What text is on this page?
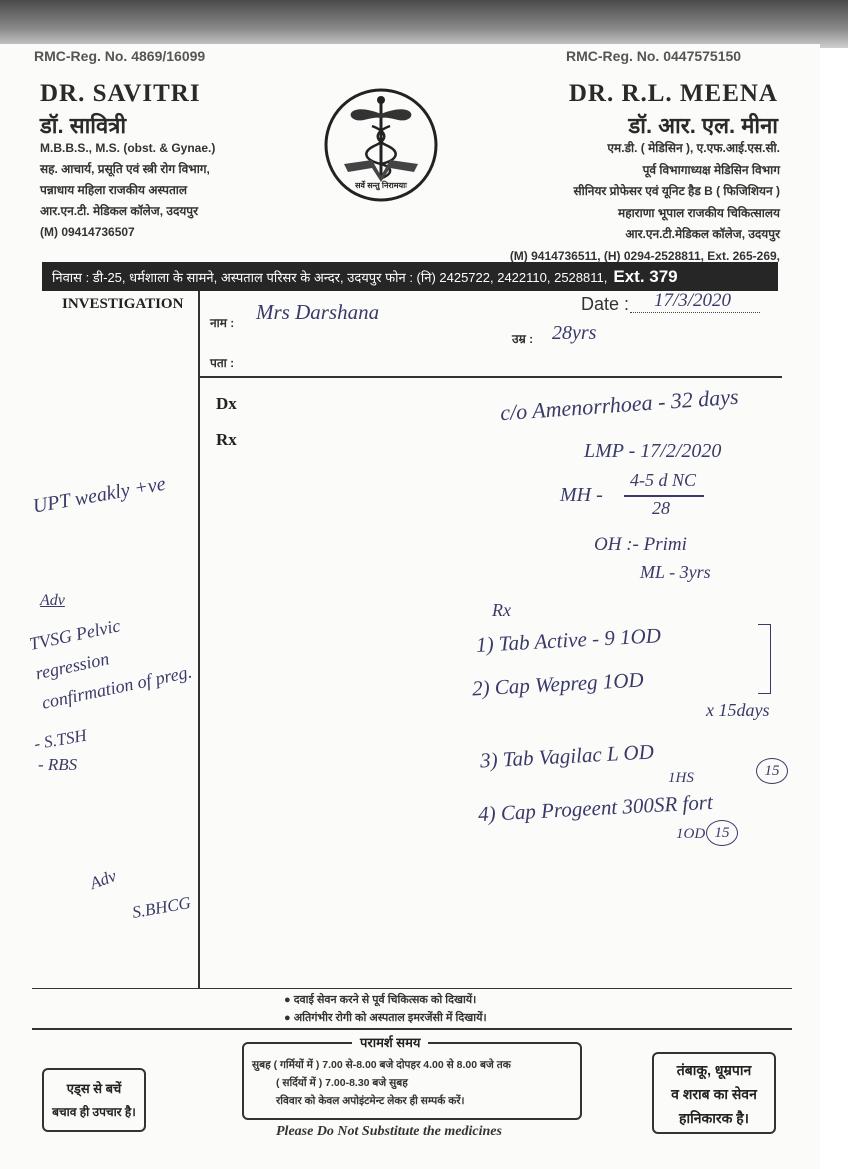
RMC-Reg. No. 4869/16099
DR. SAVITRI
डॉ. सावित्री
M.B.B.S., M.S. (obst. & Gynae.)
सह. आचार्य, प्रसूति एवं स्त्री रोग विभाग,
पन्नाधाय महिला राजकीय अस्पताल
आर.एन.टी. मेडिकल कॉलेज, उदयपुर
(M) 09414736507
सर्वे सन्तु निरामयाः
RMC-Reg. No. 0447575150
DR. R.L. MEENA
डॉ. आर. एल. मीना
एम.डी. ( मेडिसिन ), ए.एफ.आई.एस.सी.
पूर्व विभागाध्यक्ष मेडिसिन विभाग
सीनियर प्रोफेसर एवं यूनिट हैड B ( फिजिशियन )
महाराणा भूपाल राजकीय चिकित्सालय
आर.एन.टी.मेडिकल कॉलेज, उदयपुर
(M) 9414736511, (H) 0294-2528811, Ext. 265-269,
निवास : डी-25, धर्मशाला के सामने, अस्पताल परिसर के अन्दर, उदयपुर फोन : (नि) 2425722, 2422110, 2528811, Ext. 379
INVESTIGATION
नाम : Mrs Darshana	Date : 17/3/2020
उम्र : 28yrs
पता :
Dx
Rx
UPT weakly +ve
Adv
TVSG Pelvic regression confirmation of preg.
- S.TSH
- RBS
Adv
S.BHCG
c/o Amenorrhoea - 32 days
LMP - 17/2/2020
MH -
4-5 d NC
28
OH :- Primi
ML - 3yrs
Rx
1) Tab Active - 9 1OD
2) Cap Wepreg 1OD
x 15days
3) Tab Vagilac L OD
1HS	15
4) Cap Progeent 300SR fort
1OD 15
● दवाई सेवन करने से पूर्व चिकित्सक को दिखायें।
● अतिगंभीर रोगी को अस्पताल इमरजेंसी में दिखायें।
परामर्श समय
सुबह ( गर्मियों में ) 7.00 से-8.00 बजे दोपहर 4.00 से 8.00 बजे तक
( सर्दियों में ) 7.00-8.30 बजे सुबह
रविवार को केवल अपोइंटमेन्ट लेकर ही सम्पर्क करें।
एड्स से बचें
बचाव ही उपचार है।
तंबाकू, धूम्रपान
व शराब का सेवन
हानिकारक है।
Please Do Not Substitute the medicines
